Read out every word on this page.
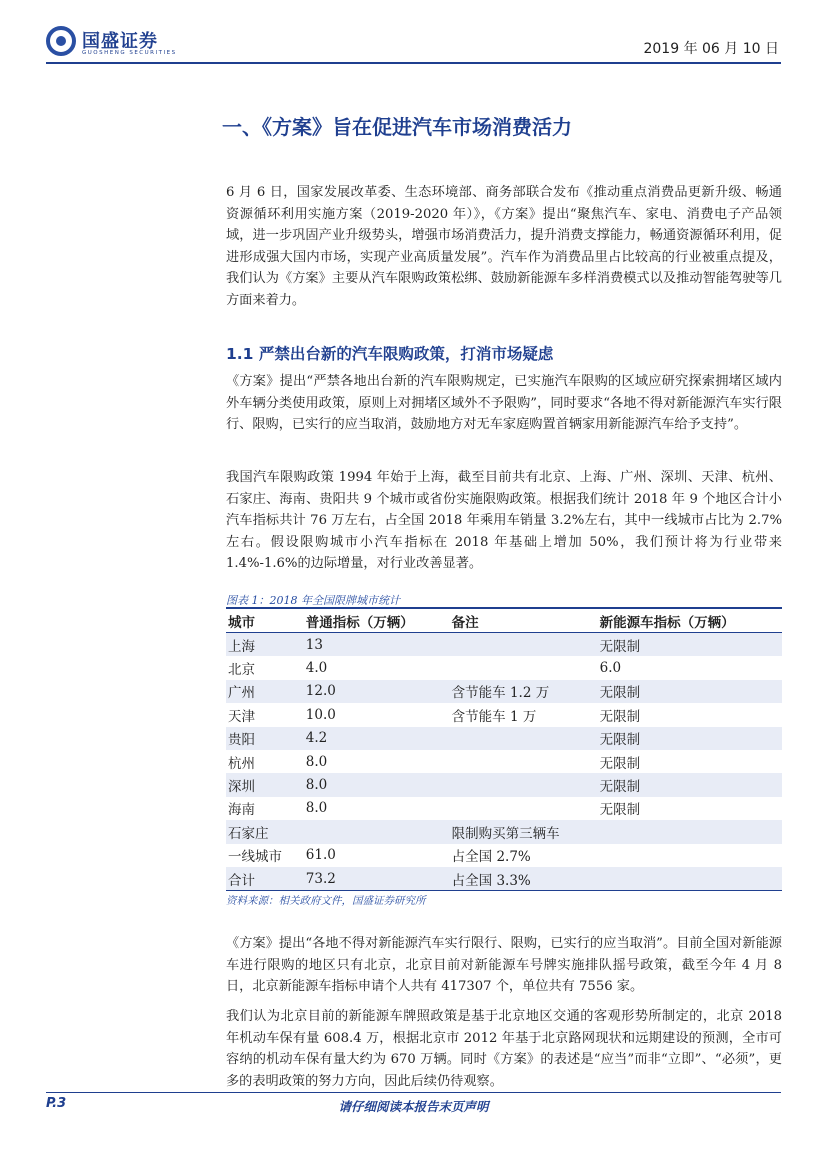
国盛证券
GUOSHENG SECURITIES	2019 年 06 月 10 日
一、《方案》旨在促进汽车市场消费活力
6 月 6 日，国家发展改革委、生态环境部、商务部联合发布《推动重点消费品更新升级、畅通资源循环利用实施方案（2019-2020 年）》，《方案》提出“聚焦汽车、家电、消费电子产品领域，进一步巩固产业升级势头，增强市场消费活力，提升消费支撑能力，畅通资源循环利用，促进形成强大国内市场，实现产业高质量发展”。汽车作为消费品里占比较高的行业被重点提及，我们认为《方案》主要从汽车限购政策松绑、鼓励新能源车多样消费模式以及推动智能驾驶等几方面来着力。
1.1 严禁出台新的汽车限购政策，打消市场疑虑
《方案》提出“严禁各地出台新的汽车限购规定，已实施汽车限购的区域应研究探索拥堵区域内外车辆分类使用政策，原则上对拥堵区域外不予限购”，同时要求“各地不得对新能源汽车实行限行、限购，已实行的应当取消，鼓励地方对无车家庭购置首辆家用新能源汽车给予支持”。
我国汽车限购政策 1994 年始于上海，截至目前共有北京、上海、广州、深圳、天津、杭州、石家庄、海南、贵阳共 9 个城市或省份实施限购政策。根据我们统计 2018 年 9 个地区合计小汽车指标共计 76 万左右，占全国 2018 年乘用车销量 3.2%左右，其中一线城市占比为 2.7%左右。假设限购城市小汽车指标在 2018 年基础上增加 50%，我们预计将为行业带来 1.4%-1.6%的边际增量，对行业改善显著。
图表 1：2018 年全国限牌城市统计
城市	普通指标（万辆）	备注	新能源车指标（万辆）
上海	13		无限制
北京	4.0		6.0
广州	12.0	含节能车 1.2 万	无限制
天津	10.0	含节能车 1 万	无限制
贵阳	4.2		无限制
杭州	8.0		无限制
深圳	8.0		无限制
海南	8.0		无限制
石家庄		限制购买第三辆车	
一线城市	61.0	占全国 2.7%	
合计	73.2	占全国 3.3%	
资料来源：相关政府文件，国盛证券研究所
《方案》提出“各地不得对新能源汽车实行限行、限购，已实行的应当取消”。目前全国对新能源车进行限购的地区只有北京，北京目前对新能源车号牌实施排队摇号政策，截至今年 4 月 8 日，北京新能源车指标申请个人共有 417307 个，单位共有 7556 家。
我们认为北京目前的新能源车牌照政策是基于北京地区交通的客观形势所制定的，北京 2018 年机动车保有量 608.4 万，根据北京市 2012 年基于北京路网现状和远期建设的预测，全市可容纳的机动车保有量大约为 670 万辆。同时《方案》的表述是“应当”而非“立即”、“必须”，更多的表明政策的努力方向，因此后续仍待观察。
P.3	请仔细阅读本报告末页声明
